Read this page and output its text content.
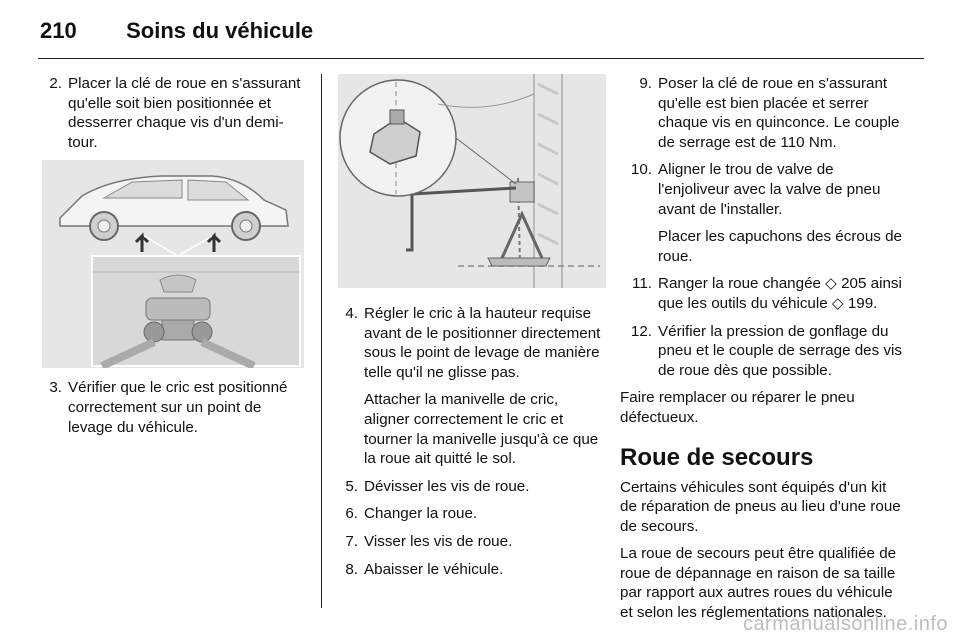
210 Soins du véhicule
2. Placer la clé de roue en s'assurant qu'elle soit bien positionnée et desserrer chaque vis d'un demi-tour.
3. Vérifier que le cric est positionné correctement sur un point de levage du véhicule.
4. Régler le cric à la hauteur requise avant de le positionner directement sous le point de levage de manière telle qu'il ne glisse pas.
Attacher la manivelle de cric, aligner correctement le cric et tourner la manivelle jusqu'à ce que la roue ait quitté le sol.
5. Dévisser les vis de roue.
6. Changer la roue.
7. Visser les vis de roue.
8. Abaisser le véhicule.
9. Poser la clé de roue en s'assurant qu'elle est bien placée et serrer chaque vis en quinconce. Le couple de serrage est de 110 Nm.
10. Aligner le trou de valve de l'enjoliveur avec la valve de pneu avant de l'installer.
Placer les capuchons des écrous de roue.
11. Ranger la roue changée ◇ 205 ainsi que les outils du véhicule ◇ 199.
12. Vérifier la pression de gonflage du pneu et le couple de serrage des vis de roue dès que possible.
Faire remplacer ou réparer le pneu défectueux.
Roue de secours
Certains véhicules sont équipés d'un kit de réparation de pneus au lieu d'une roue de secours.
La roue de secours peut être qualifiée de roue de dépannage en raison de sa taille par rapport aux autres roues du véhicule et selon les réglementations nationales.
carmanualsonline.info
